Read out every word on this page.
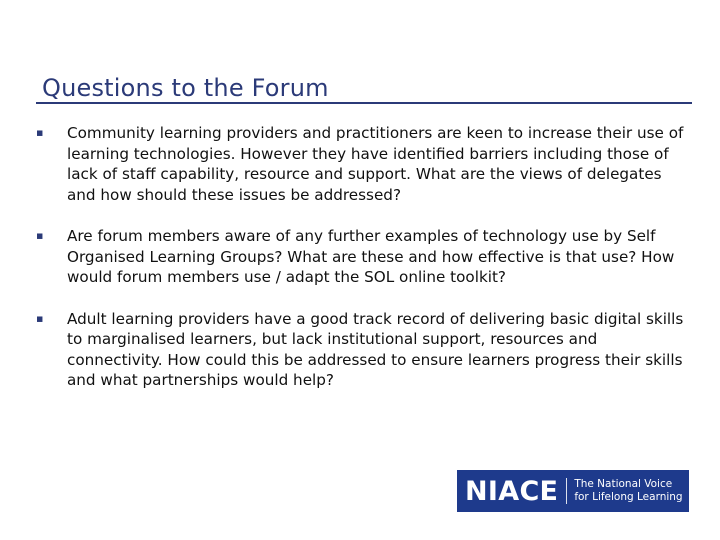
Questions to the Forum
▪ Community learning providers and practitioners are keen to increase their use of learning technologies. However they have identified barriers including those of lack of staff capability, resource and support. What are the views of delegates and how should these issues be addressed?
▪ Are forum members aware of any further examples of technology use by Self Organised Learning Groups? What are these and how effective is that use? How would forum members use / adapt the SOL online toolkit?
▪ Adult learning providers have a good track record of delivering basic digital skills to marginalised learners, but lack institutional support, resources and connectivity. How could this be addressed to ensure learners progress their skills and what partnerships would help?
NIACE The National Voice
for Lifelong Learning
